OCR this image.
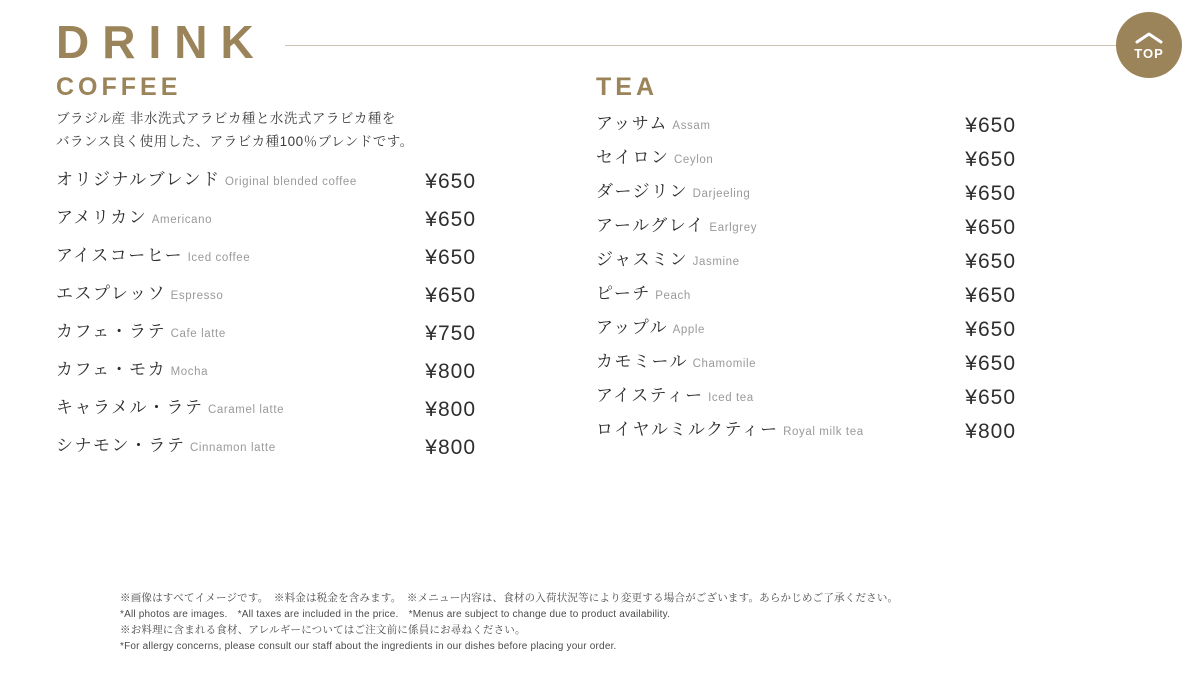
DRINK	TOP
COFFEE

ブラジル産 非水洗式アラビカ種と水洗式アラビカ種を
バランス良く使用した、アラビカ種100％ブレンドです。

オリジナルブレンド Original blended coffee	¥650
アメリカン Americano	¥650
アイスコーヒー Iced coffee	¥650
エスプレッソ Espresso	¥650
カフェ・ラテ Cafe latte	¥750
カフェ・モカ Mocha	¥800
キャラメル・ラテ Caramel latte	¥800
シナモン・ラテ Cinnamon latte	¥800
TEA
アッサム Assam	¥650
セイロン Ceylon	¥650
ダージリン Darjeeling	¥650
アールグレイ Earlgrey	¥650
ジャスミン Jasmine	¥650
ピーチ Peach	¥650
アップル Apple	¥650
カモミール Chamomile	¥650
アイスティー Iced tea	¥650
ロイヤルミルクティー Royal milk tea	¥800
※画像はすべてイメージです。　※料金は税金を含みます。　※メニュー内容は、食材の入荷状況等により変更する場合がございます。あらかじめご了承ください。
*All photos are images.　*All taxes are included in the price.　*Menus are subject to change due to product availability.
※お料理に含まれる食材、アレルギーについてはご注文前に係員にお尋ねください。
*For allergy concerns, please consult our staff about the ingredients in our dishes before placing your order.
